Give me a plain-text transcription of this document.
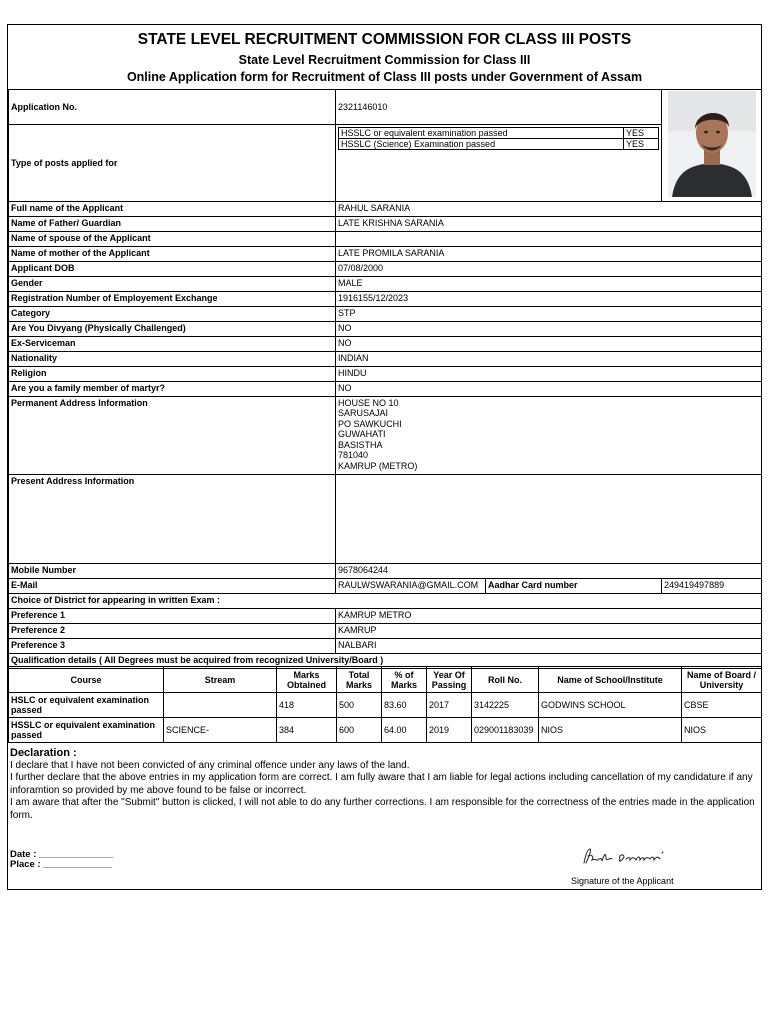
STATE LEVEL RECRUITMENT COMMISSION FOR CLASS III POSTS
State Level Recruitment Commission for Class III
Online Application form for Recruitment of Class III posts under Government of Assam
Application No.	2321146010	
Type of posts applied for	
HSSLC or equivalent examination passed	YES
HSSLC (Science) Examination passed	YES

Full name of the Applicant	RAHUL SARANIA
Name of Father/ Guardian	LATE KRISHNA SARANIA
Name of spouse of the Applicant	
Name of mother of the Applicant	LATE PROMILA SARANIA
Applicant DOB	07/08/2000
Gender	MALE
Registration Number of Employement Exchange	1916155/12/2023
Category	STP
Are You Divyang (Physically Challenged)	NO
Ex-Serviceman	NO
Nationality	INDIAN
Religion	HINDU
Are you a family member of martyr?	NO
Permanent Address Information	HOUSE NO 10
SARUSAJAI
PO SAWKUCHI
GUWAHATI
BASISTHA
781040
KAMRUP (METRO)

Present Address Information	
Mobile Number	9678064244
E-Mail	RAULWSWARANIA@GMAIL.COM	Aadhar Card number	249419497889
Choice of District for appearing in written Exam :
Preference 1	KAMRUP METRO
Preference 2	KAMRUP
Preference 3	NALBARI
Qualification details ( All Degrees must be acquired from recognized University/Board )
Course	Stream	Marks Obtained	Total Marks	% of Marks	Year Of Passing	Roll No.	Name of School/Institute	Name of Board / University
HSLC or equivalent examination passed		418	500	83.60	2017	3142225	GODWINS SCHOOL	CBSE
HSSLC or equivalent examination passed	SCIENCE-	384	600	64.00	2019	029001183039	NIOS	NIOS
Declaration :

I declare that I have not been convicted of any criminal offence under any laws of the land.

I further declare that the above entries in my application form are correct. I am fully aware that I am liable for legal actions including cancellation of my candidature if any inforamtion so provided by me above found to be false or incorrect.

I am aware that after the "Submit" button is clicked, I will not able to do any further corrections. I am responsible for the correctness of the entries made in the application form.

Date : ______________
Place : _____________
Signature of the Applicant
